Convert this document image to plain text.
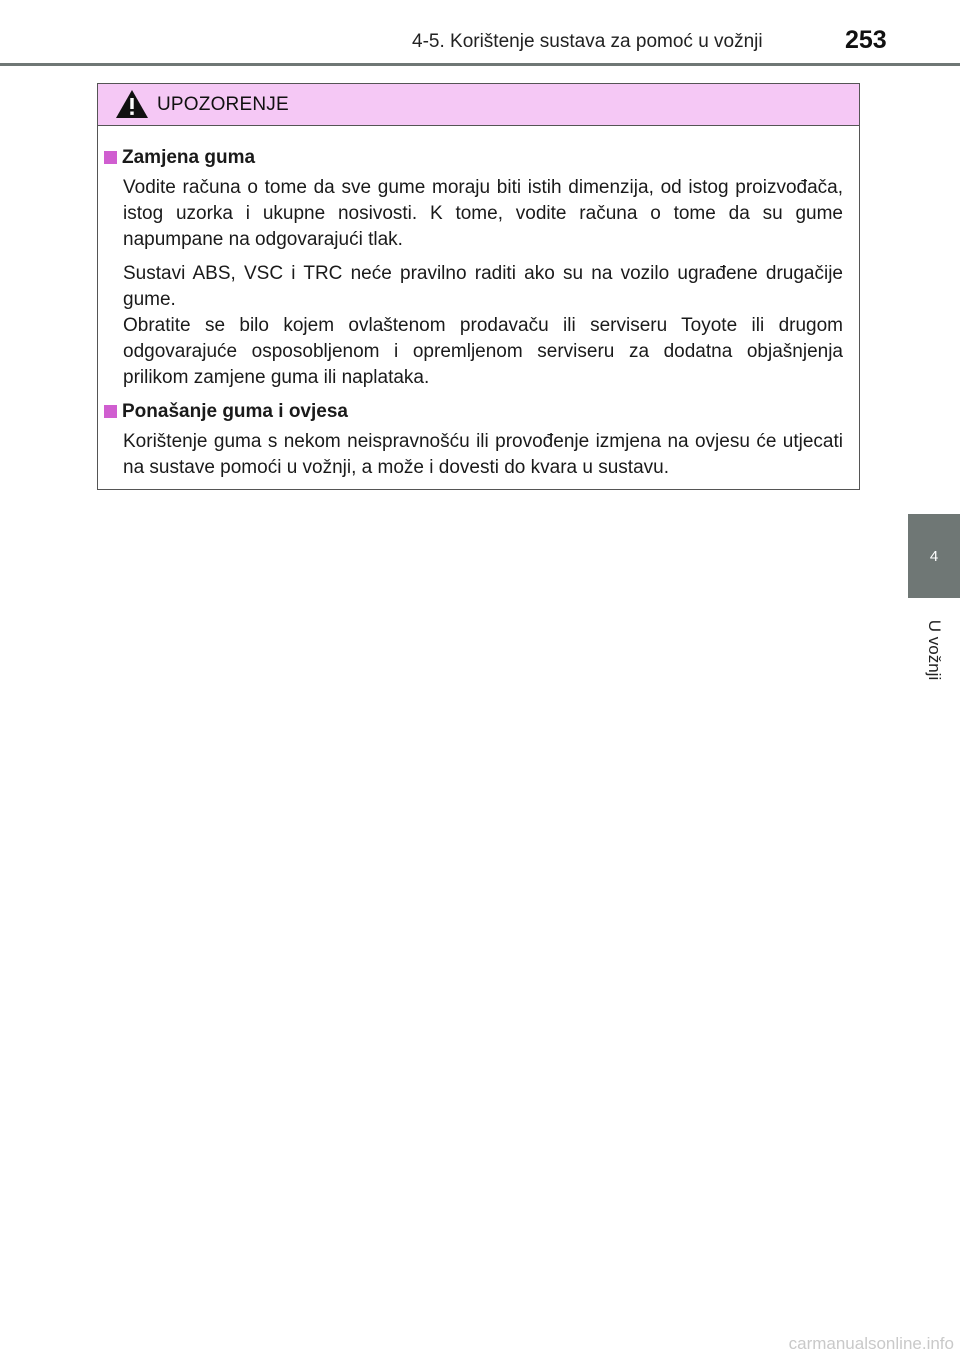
4-5. Korištenje sustava za pomoć u vožnji	253
4
U vožnji
UPOZORENJE
Zamjena guma

Vodite računa o tome da sve gume moraju biti istih dimenzija, od istog proizvođača, istog uzorka i ukupne nosivosti. K tome, vodite računa o tome da su gume napumpane na odgovarajući tlak.

Sustavi ABS, VSC i TRC neće pravilno raditi ako su na vozilo ugrađene drugačije gume.

Obratite se bilo kojem ovlaštenom prodavaču ili serviseru Toyote ili drugom odgovarajuće osposobljenom i opremljenom serviseru za dodatna objašnjenja prilikom zamjene guma ili naplataka.

Ponašanje guma i ovjesa

Korištenje guma s nekom neispravnošću ili provođenje izmjena na ovjesu će utjecati na sustave pomoći u vožnji, a može i dovesti do kvara u sustavu.

carmanualsonline.info
